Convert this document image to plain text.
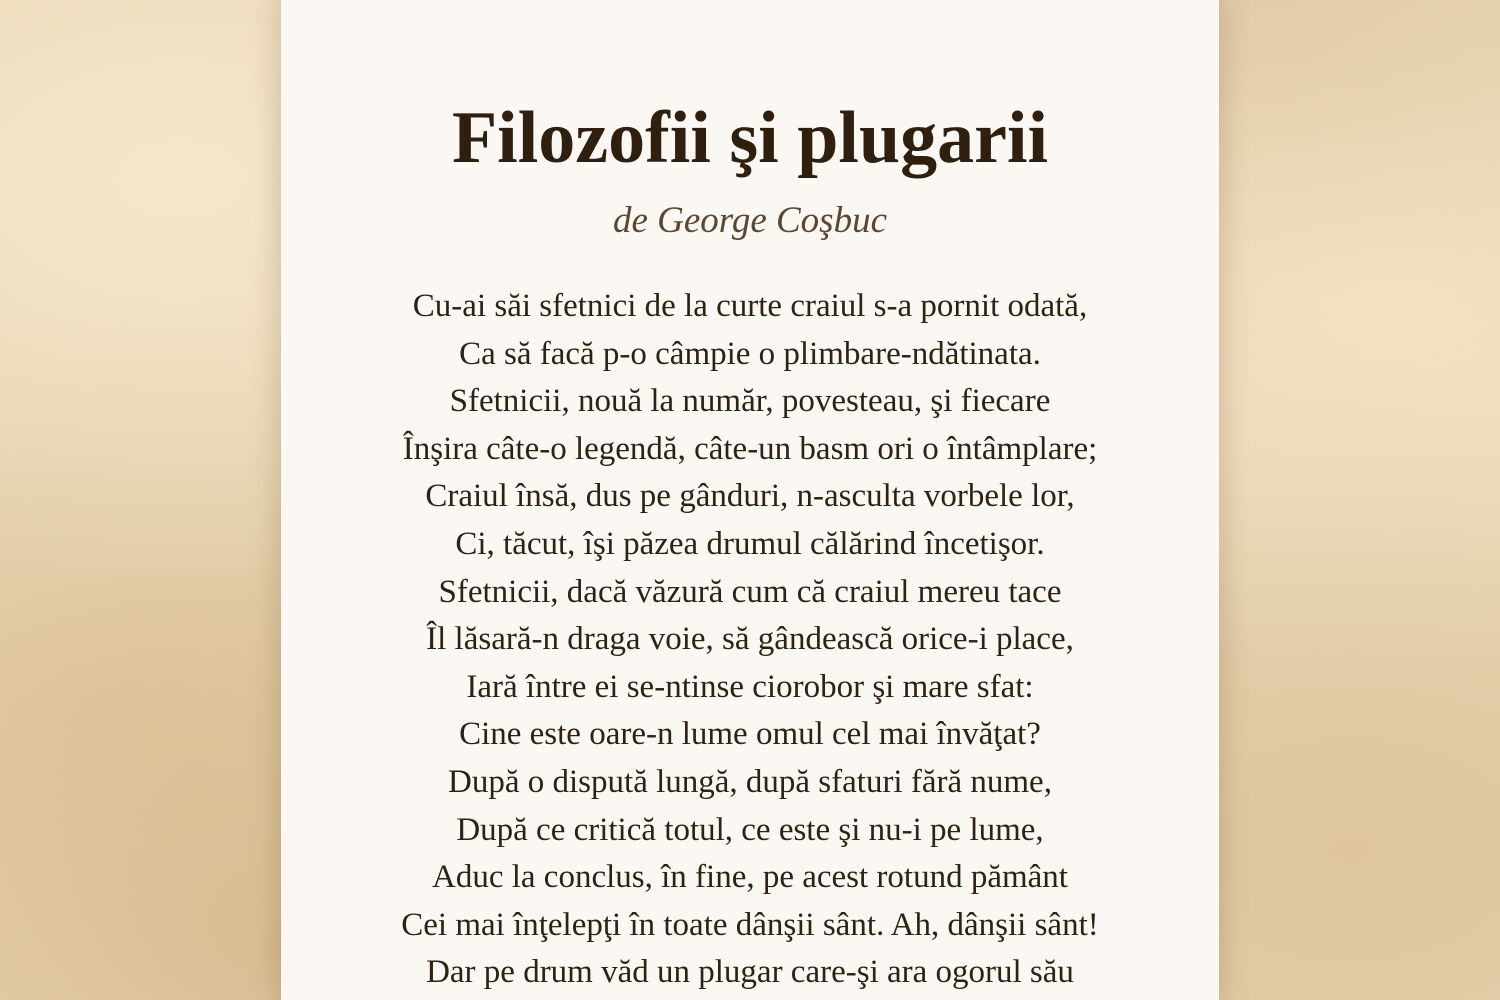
Filozofii şi plugarii
de George Coşbuc
Cu-ai săi sfetnici de la curte craiul s-a pornit odată,
Ca să facă p-o câmpie o plimbare-ndătinata.
Sfetnicii, nouă la număr, povesteau, şi fiecare
Înşira câte-o legendă, câte-un basm ori o întâmplare;
Craiul însă, dus pe gânduri, n-asculta vorbele lor,
Ci, tăcut, îşi păzea drumul călărind încetişor.
Sfetnicii, dacă văzură cum că craiul mereu tace
Îl lăsară-n draga voie, să gândească orice-i place,
Iară între ei se-ntinse ciorobor şi mare sfat:
Cine este oare-n lume omul cel mai învăţat?
După o dispută lungă, după sfaturi fără nume,
După ce critică totul, ce este şi nu-i pe lume,
Aduc la conclus, în fine, pe acest rotund pământ
Cei mai înţelepţi în toate dânşii sânt. Ah, dânşii sânt!
Dar pe drum văd un plugar care-şi ara ogorul său
